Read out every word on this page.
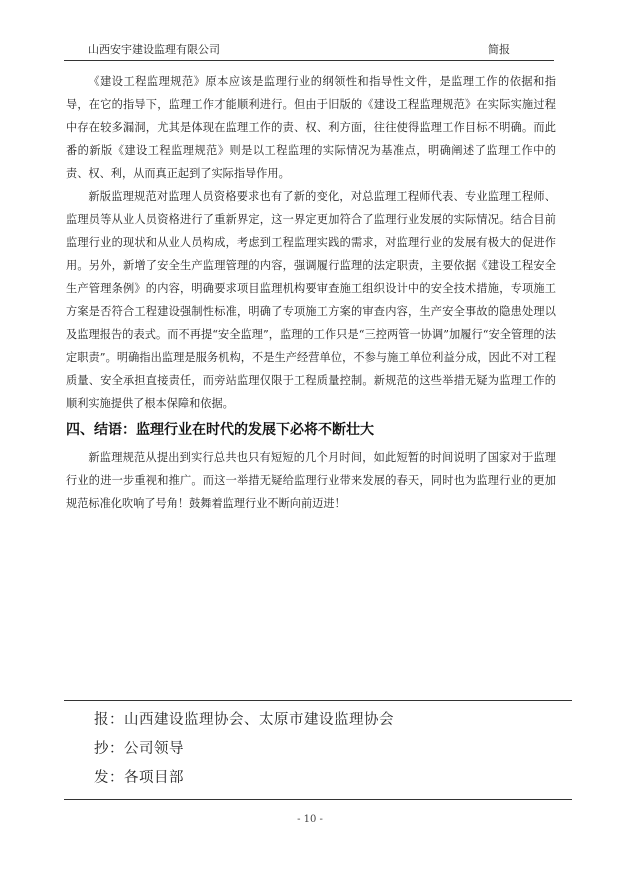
山西安宇建设监理有限公司	简报

《建设工程监理规范》原本应该是监理行业的纲领性和指导性文件，是监理工作的依据和指导，在它的指导下，监理工作才能顺利进行。但由于旧版的《建设工程监理规范》在实际实施过程中存在较多漏洞，尤其是体现在监理工作的责、权、利方面，往往使得监理工作目标不明确。而此番的新版《建设工程监理规范》则是以工程监理的实际情况为基准点，明确阐述了监理工作中的责、权、利，从而真正起到了实际指导作用。

新版监理规范对监理人员资格要求也有了新的变化，对总监理工程师代表、专业监理工程师、监理员等从业人员资格进行了重新界定，这一界定更加符合了监理行业发展的实际情况。结合目前监理行业的现状和从业人员构成，考虑到工程监理实践的需求，对监理行业的发展有极大的促进作用。另外，新增了安全生产监理管理的内容，强调履行监理的法定职责，主要依据《建设工程安全生产管理条例》的内容，明确要求项目监理机构要审查施工组织设计中的安全技术措施，专项施工方案是否符合工程建设强制性标准，明确了专项施工方案的审查内容，生产安全事故的隐患处理以及监理报告的表式。而不再提“安全监理”，监理的工作只是“三控两管一协调”加履行“安全管理的法定职责”。明确指出监理是服务机构，不是生产经营单位，不参与施工单位利益分成，因此不对工程质量、安全承担直接责任，而旁站监理仅限于工程质量控制。新规范的这些举措无疑为监理工作的顺利实施提供了根本保障和依据。

四、结语：监理行业在时代的发展下必将不断壮大

新监理规范从提出到实行总共也只有短短的几个月时间，如此短暂的时间说明了国家对于监理行业的进一步重视和推广。而这一举措无疑给监理行业带来发展的春天，同时也为监理行业的更加规范标准化吹响了号角！鼓舞着监理行业不断向前迈进！

报：山西建设监理协会、太原市建设监理协会
抄：公司领导
发：各项目部
- 10 -
